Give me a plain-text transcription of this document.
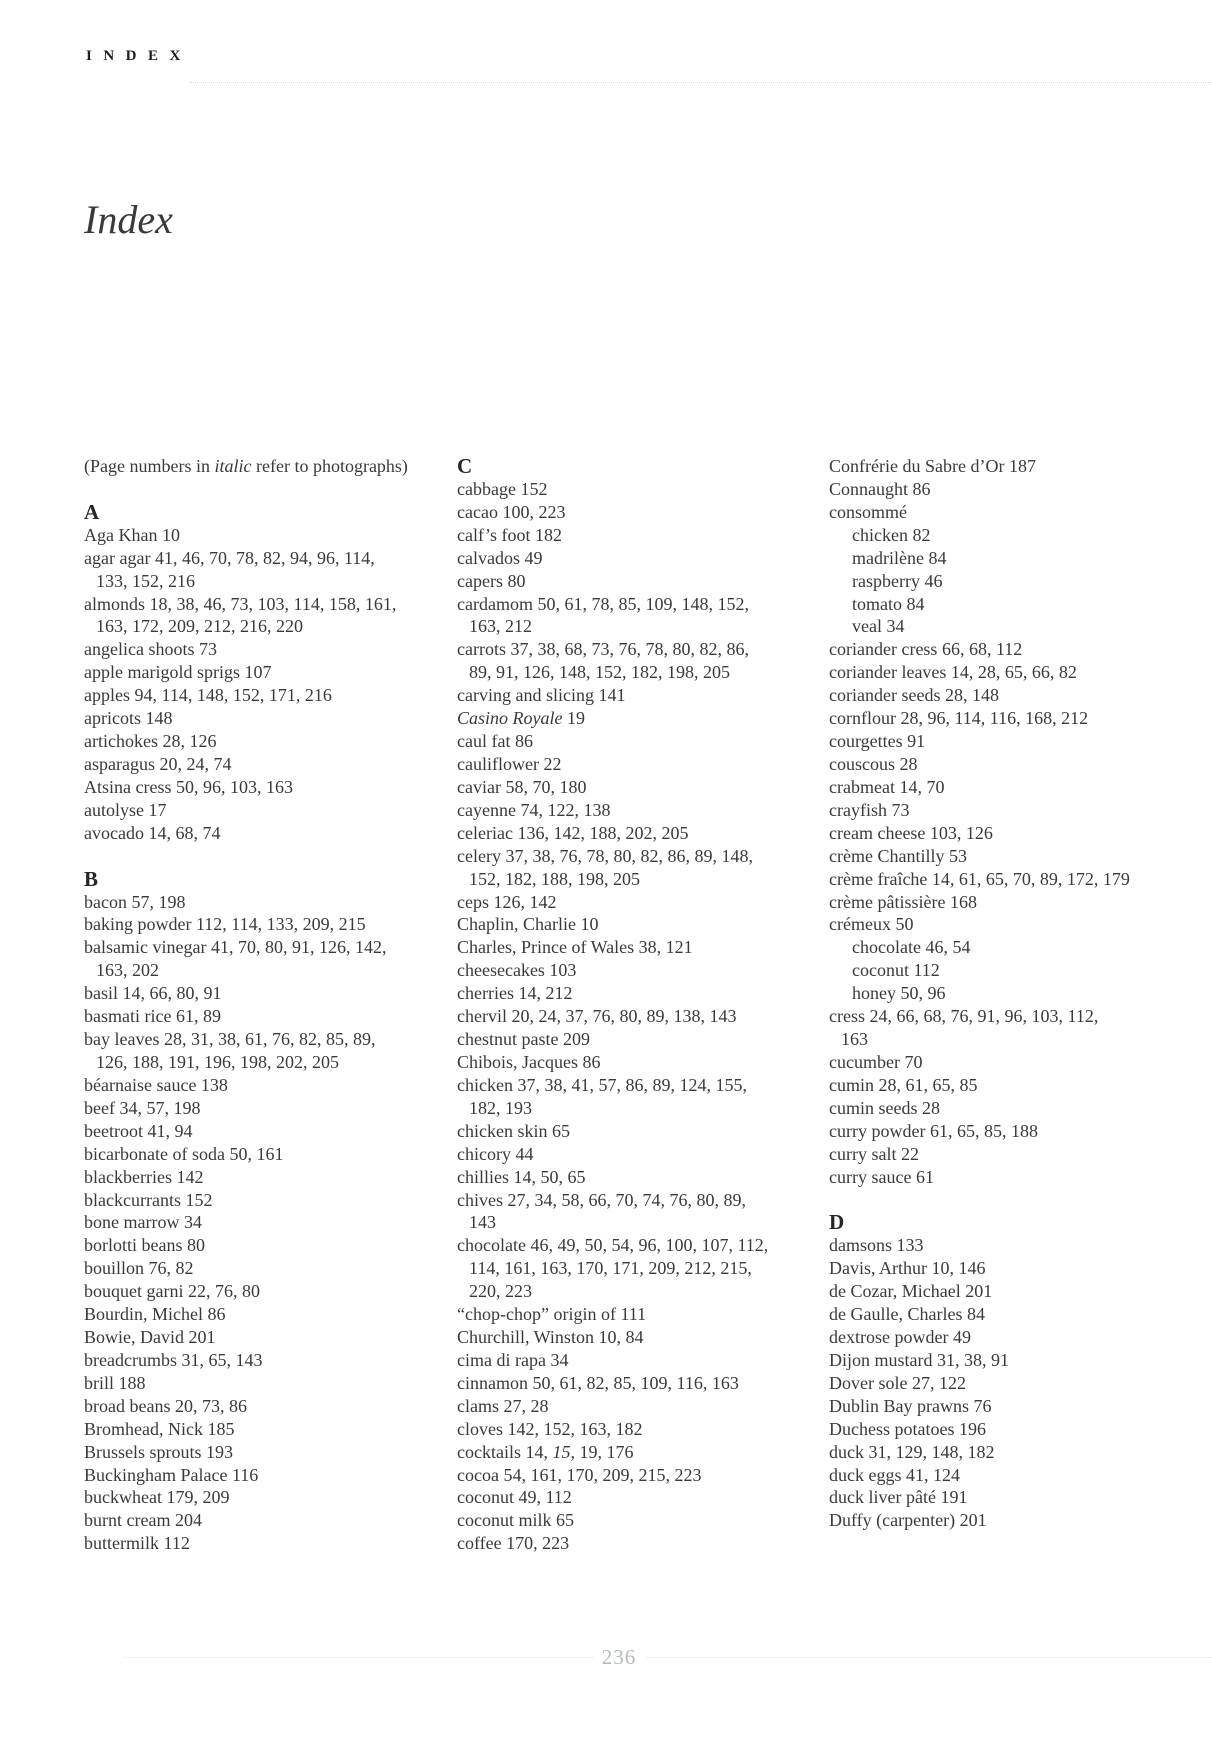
INDEX
Index
(Page numbers in italic refer to photographs)
A
Aga Khan 10
agar agar 41, 46, 70, 78, 82, 94, 96, 114,
133, 152, 216
almonds 18, 38, 46, 73, 103, 114, 158, 161,
163, 172, 209, 212, 216, 220
angelica shoots 73
apple marigold sprigs 107
apples 94, 114, 148, 152, 171, 216
apricots 148
artichokes 28, 126
asparagus 20, 24, 74
Atsina cress 50, 96, 103, 163
autolyse 17
avocado 14, 68, 74
B
bacon 57, 198
baking powder 112, 114, 133, 209, 215
balsamic vinegar 41, 70, 80, 91, 126, 142,
163, 202
basil 14, 66, 80, 91
basmati rice 61, 89
bay leaves 28, 31, 38, 61, 76, 82, 85, 89,
126, 188, 191, 196, 198, 202, 205
béarnaise sauce 138
beef 34, 57, 198
beetroot 41, 94
bicarbonate of soda 50, 161
blackberries 142
blackcurrants 152
bone marrow 34
borlotti beans 80
bouillon 76, 82
bouquet garni 22, 76, 80
Bourdin, Michel 86
Bowie, David 201
breadcrumbs 31, 65, 143
brill 188
broad beans 20, 73, 86
Bromhead, Nick 185
Brussels sprouts 193
Buckingham Palace 116
buckwheat 179, 209
burnt cream 204
buttermilk 112
C
cabbage 152
cacao 100, 223
calf’s foot 182
calvados 49
capers 80
cardamom 50, 61, 78, 85, 109, 148, 152,
163, 212
carrots 37, 38, 68, 73, 76, 78, 80, 82, 86,
89, 91, 126, 148, 152, 182, 198, 205
carving and slicing 141
Casino Royale 19
caul fat 86
cauliflower 22
caviar 58, 70, 180
cayenne 74, 122, 138
celeriac 136, 142, 188, 202, 205
celery 37, 38, 76, 78, 80, 82, 86, 89, 148,
152, 182, 188, 198, 205
ceps 126, 142
Chaplin, Charlie 10
Charles, Prince of Wales 38, 121
cheesecakes 103
cherries 14, 212
chervil 20, 24, 37, 76, 80, 89, 138, 143
chestnut paste 209
Chibois, Jacques 86
chicken 37, 38, 41, 57, 86, 89, 124, 155,
182, 193
chicken skin 65
chicory 44
chillies 14, 50, 65
chives 27, 34, 58, 66, 70, 74, 76, 80, 89,
143
chocolate 46, 49, 50, 54, 96, 100, 107, 112,
114, 161, 163, 170, 171, 209, 212, 215,
220, 223
“chop-chop” origin of 111
Churchill, Winston 10, 84
cima di rapa 34
cinnamon 50, 61, 82, 85, 109, 116, 163
clams 27, 28
cloves 142, 152, 163, 182
cocktails 14, 15, 19, 176
cocoa 54, 161, 170, 209, 215, 223
coconut 49, 112
coconut milk 65
coffee 170, 223
Confrérie du Sabre d’Or 187
Connaught 86
consommé
chicken 82
madrilène 84
raspberry 46
tomato 84
veal 34
coriander cress 66, 68, 112
coriander leaves 14, 28, 65, 66, 82
coriander seeds 28, 148
cornflour 28, 96, 114, 116, 168, 212
courgettes 91
couscous 28
crabmeat 14, 70
crayfish 73
cream cheese 103, 126
crème Chantilly 53
crème fraîche 14, 61, 65, 70, 89, 172, 179
crème pâtissière 168
crémeux 50
chocolate 46, 54
coconut 112
honey 50, 96
cress 24, 66, 68, 76, 91, 96, 103, 112,
163
cucumber 70
cumin 28, 61, 65, 85
cumin seeds 28
curry powder 61, 65, 85, 188
curry salt 22
curry sauce 61
D
damsons 133
Davis, Arthur 10, 146
de Cozar, Michael 201
de Gaulle, Charles 84
dextrose powder 49
Dijon mustard 31, 38, 91
Dover sole 27, 122
Dublin Bay prawns 76
Duchess potatoes 196
duck 31, 129, 148, 182
duck eggs 41, 124
duck liver pâté 191
Duffy (carpenter) 201
236
